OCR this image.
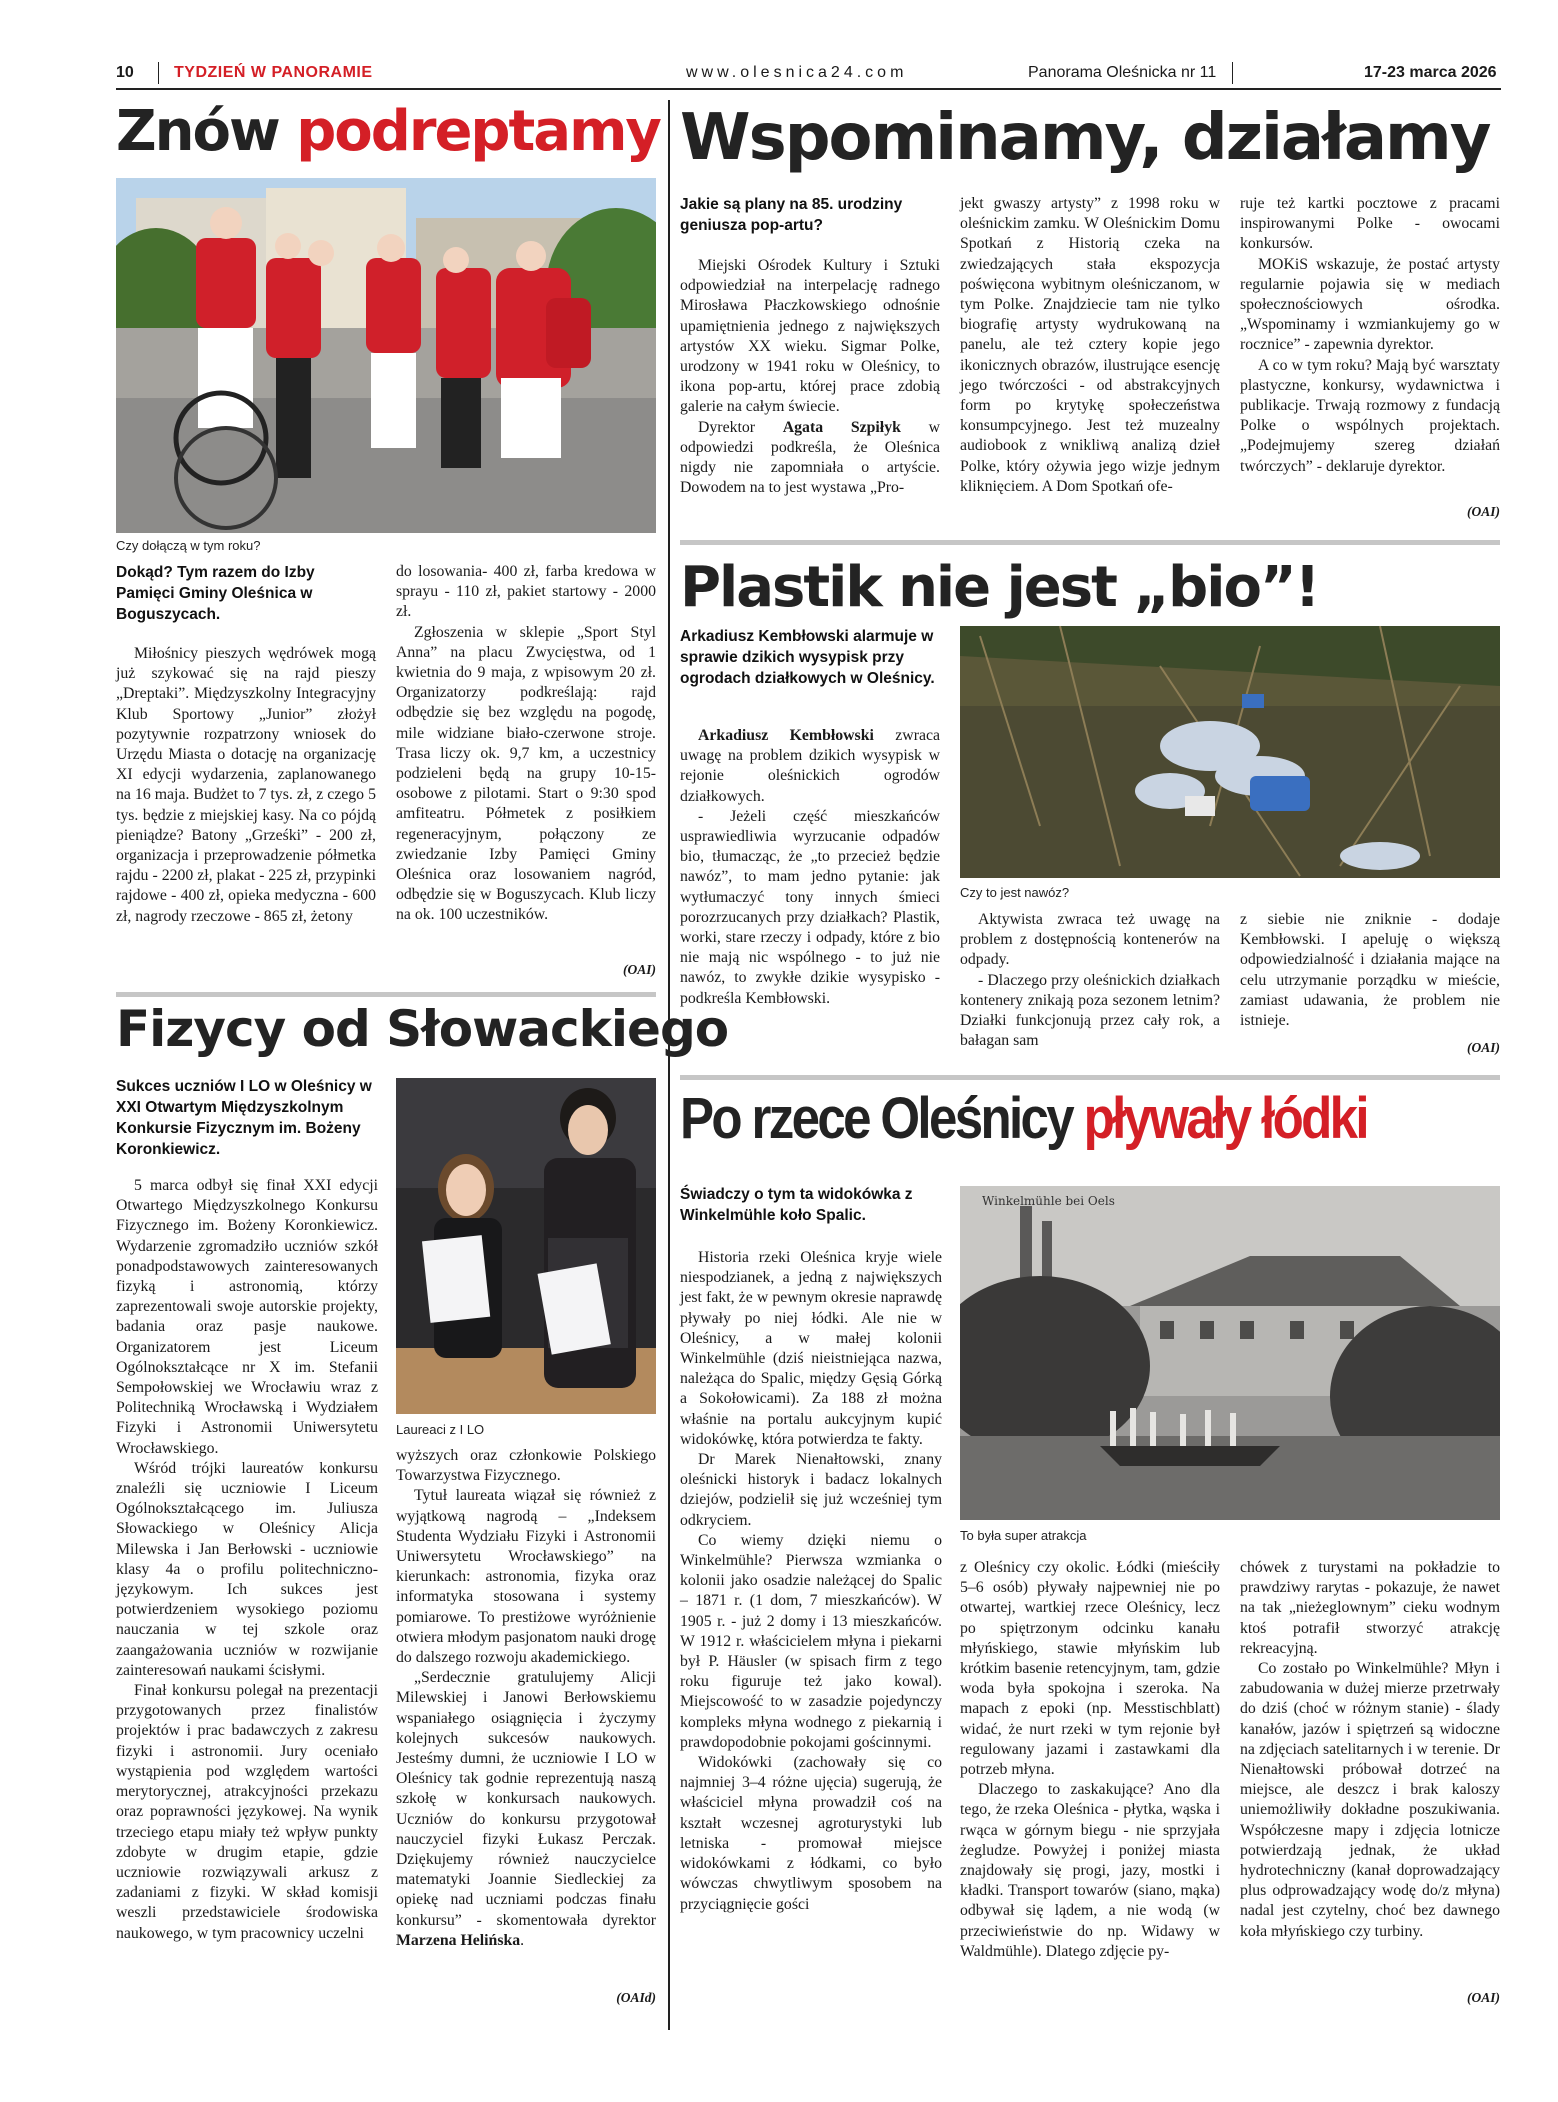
10	TYDZIEŃ W PANORAMIE	www.olesnica24.com	Panorama Oleśnicka nr 11	17-23 marca 2026
Znów podreptamy
Czy dołączą w tym roku?
Dokąd? Tym razem do Izby Pamięci Gminy Oleśnica w Boguszycach.

Miłośnicy pieszych wędrówek mogą już szykować się na rajd pieszy „Dreptaki”. Międzyszkolny Integracyjny Klub Sportowy „Junior” złożył pozytywnie rozpatrzony wniosek do Urzędu Miasta o dotację na organizację XI edycji wydarzenia, zaplanowanego na 16 maja. Budżet to 7 tys. zł, z czego 5 tys. będzie z miejskiej kasy. Na co pójdą pieniądze? Batony „Grześki” - 200 zł, organizacja i przeprowadzenie półmetka rajdu - 2200 zł, plakat - 225 zł, przypinki rajdowe - 400 zł, opieka medyczna - 600 zł, nagrody rzeczowe - 865 zł, żetony

do losowania- 400 zł, farba kredowa w sprayu - 110 zł, pakiet startowy - 2000 zł.

Zgłoszenia w sklepie „Sport Styl Anna” na placu Zwycięstwa, od 1 kwietnia do 9 maja, z wpisowym 20 zł. Organizatorzy podkreślają: rajd odbędzie się bez względu na pogodę, mile widziane biało-czerwone stroje. Trasa liczy ok. 9,7 km, a uczestnicy podzieleni będą na grupy 10-15-osobowe z pilotami. Start o 9:30 spod amfiteatru. Półmetek z posiłkiem regeneracyjnym, połączony ze zwiedzanie Izby Pamięci Gminy Oleśnica oraz losowaniem nagród, odbędzie się w Boguszycach. Klub liczy na ok. 100 uczestników.

(OAI)
Wspominamy, działamy
Jakie są plany na 85. urodziny geniusza pop-artu?

Miejski Ośrodek Kultury i Sztuki odpowiedział na interpelację radnego Mirosława Płaczkowskiego odnośnie upamiętnienia jednego z największych artystów XX wieku. Sigmar Polke, urodzony w 1941 roku w Oleśnicy, to ikona pop-artu, której prace zdobią galerie na całym świecie.

Dyrektor Agata Szpiłyk w odpowiedzi podkreśla, że Oleśnica nigdy nie zapomniała o artyście. Dowodem na to jest wystawa „Pro-

jekt gwaszy artysty” z 1998 roku w oleśnickim zamku. W Oleśnickim Domu Spotkań z Historią czeka na zwiedzających stała ekspozycja poświęcona wybitnym oleśniczanom, w tym Polke. Znajdziecie tam nie tylko biografię artysty wydrukowaną na panelu, ale też cztery kopie jego ikonicznych obrazów, ilustrujące esencję jego twórczości - od abstrakcyjnych form po krytykę społeczeństwa konsumpcyjnego. Jest też muzealny audiobook z wnikliwą analizą dzieł Polke, który ożywia jego wizje jednym kliknięciem. A Dom Spotkań ofe-

ruje też kartki pocztowe z pracami inspirowanymi Polke - owocami konkursów.

MOKiS wskazuje, że postać artysty regularnie pojawia się w mediach społecznościowych ośrodka. „Wspominamy i wzmiankujemy go w rocznice” - zapewnia dyrektor.

A co w tym roku? Mają być warsztaty plastyczne, konkursy, wydawnictwa i publikacje. Trwają rozmowy z fundacją Polke o wspólnych projektach. „Podejmujemy szereg działań twórczych” - deklaruje dyrektor.

(OAI)
Plastik nie jest „bio”!
Arkadiusz Kembłowski alarmuje w sprawie dzikich wysypisk przy ogrodach działkowych w Oleśnicy.
Czy to jest nawóz?

Arkadiusz Kembłowski zwraca uwagę na problem dzikich wysypisk w rejonie oleśnickich ogrodów działkowych.

- Jeżeli część mieszkańców usprawiedliwia wyrzucanie odpadów bio, tłumacząc, że „to przecież będzie nawóz”, to mam jedno pytanie: jak wytłumaczyć tony innych śmieci porozrzucanych przy działkach? Plastik, worki, stare rzeczy i odpady, które z bio nie mają nic wspólnego - to już nie nawóz, to zwykłe dzikie wysypisko - podkreśla Kembłowski.

Aktywista zwraca też uwagę na problem z dostępnością kontenerów na odpady.

- Dlaczego przy oleśnickich działkach kontenery znikają poza sezonem letnim? Działki funkcjonują przez cały rok, a bałagan sam

z siebie nie zniknie - dodaje Kembłowski. I apeluję o większą odpowiedzialność i działania mające na celu utrzymanie porządku w mieście, zamiast udawania, że problem nie istnieje.

(OAI)
Fizycy od Słowackiego
Sukces uczniów I LO w Oleśnicy w XXI Otwartym Międzyszkolnym Konkursie Fizycznym im. Bożeny Koronkiewicz.
Laureaci z I LO

5 marca odbył się finał XXI edycji Otwartego Międzyszkolnego Konkursu Fizycznego im. Bożeny Koronkiewicz. Wydarzenie zgromadziło uczniów szkół ponadpodstawowych zainteresowanych fizyką i astronomią, którzy zaprezentowali swoje autorskie projekty, badania oraz pasje naukowe. Organizatorem jest Liceum Ogólnokształcące nr X im. Stefanii Sempołowskiej we Wrocławiu wraz z Politechniką Wrocławską i Wydziałem Fizyki i Astronomii Uniwersytetu Wrocławskiego.

Wśród trójki laureatów konkursu znaleźli się uczniowie I Liceum Ogólnokształcącego im. Juliusza Słowackiego w Oleśnicy Alicja Milewska i Jan Berłowski - uczniowie klasy 4a o profilu politechniczno-językowym. Ich sukces jest potwierdzeniem wysokiego poziomu nauczania w tej szkole oraz zaangażowania uczniów w rozwijanie zainteresowań naukami ścisłymi.

Finał konkursu polegał na prezentacji przygotowanych przez finalistów projektów i prac badawczych z zakresu fizyki i astronomii. Jury oceniało wystąpienia pod względem wartości merytorycznej, atrakcyjności przekazu oraz poprawności językowej. Na wynik trzeciego etapu miały też wpływ punkty zdobyte w drugim etapie, gdzie uczniowie rozwiązywali arkusz z zadaniami z fizyki. W skład komisji weszli przedstawiciele środowiska naukowego, w tym pracownicy uczelni

wyższych oraz członkowie Polskiego Towarzystwa Fizycznego.

Tytuł laureata wiązał się również z wyjątkową nagrodą – „Indeksem Studenta Wydziału Fizyki i Astronomii Uniwersytetu Wrocławskiego” na kierunkach: astronomia, fizyka oraz informatyka stosowana i systemy pomiarowe. To prestiżowe wyróżnienie otwiera młodym pasjonatom nauki drogę do dalszego rozwoju akademickiego.

„Serdecznie gratulujemy Alicji Milewskiej i Janowi Berłowskiemu wspaniałego osiągnięcia i życzymy kolejnych sukcesów naukowych. Jesteśmy dumni, że uczniowie I LO w Oleśnicy tak godnie reprezentują naszą szkołę w konkursach naukowych. Uczniów do konkursu przygotował nauczyciel fizyki Łukasz Perczak. Dziękujemy również nauczycielce matematyki Joannie Siedleckiej za opiekę nad uczniami podczas finału konkursu” - skomentowała dyrektor Marzena Helińska.

(OAId)
Po rzece Oleśnicy pływały łódki
Świadczy o tym ta widokówka z Winkelmühle koło Spalic.
Winkelmühle bei Oels
To była super atrakcja

Historia rzeki Oleśnica kryje wiele niespodzianek, a jedną z największych jest fakt, że w pewnym okresie naprawdę pływały po niej łódki. Ale nie w Oleśnicy, a w małej kolonii Winkelmühle (dziś nieistniejąca nazwa, należąca do Spalic, między Gęsią Górką a Sokołowicami). Za 188 zł można właśnie na portalu aukcyjnym kupić widokówkę, która potwierdza te fakty.

Dr Marek Nienałtowski, znany oleśnicki historyk i badacz lokalnych dziejów, podzielił się już wcześniej tym odkryciem.

Co wiemy dzięki niemu o Winkelmühle? Pierwsza wzmianka o kolonii jako osadzie należącej do Spalic – 1871 r. (1 dom, 7 mieszkańców). W 1905 r. - już 2 domy i 13 mieszkańców. W 1912 r. właścicielem młyna i piekarni był P. Häusler (w spisach firm z tego roku figuruje też jako kowal). Miejscowość to w zasadzie pojedynczy kompleks młyna wodnego z piekarnią i prawdopodobnie pokojami gościnnymi.

Widokówki (zachowały się co najmniej 3–4 różne ujęcia) sugerują, że właściciel młyna prowadził coś na kształt wczesnej agroturystyki lub letniska - promował miejsce widokówkami z łódkami, co było wówczas chwytliwym sposobem na przyciągnięcie gości

z Oleśnicy czy okolic. Łódki (mieściły 5–6 osób) pływały najpewniej nie po otwartej, wartkiej rzece Oleśnicy, lecz po spiętrzonym odcinku kanału młyńskiego, stawie młyńskim lub krótkim basenie retencyjnym, tam, gdzie woda była spokojna i szeroka. Na mapach z epoki (np. Messtischblatt) widać, że nurt rzeki w tym rejonie był regulowany jazami i zastawkami dla potrzeb młyna.

Dlaczego to zaskakujące? Ano dla tego, że rzeka Oleśnica - płytka, wąska i rwąca w górnym biegu - nie sprzyjała żegludze. Powyżej i poniżej miasta znajdowały się progi, jazy, mostki i kładki. Transport towarów (siano, mąka) odbywał się lądem, a nie wodą (w przeciwieństwie do np. Widawy w Waldmühle). Dlatego zdjęcie py-

chówek z turystami na pokładzie to prawdziwy rarytas - pokazuje, że nawet na tak „nieżeglownym” cieku wodnym ktoś potrafił stworzyć atrakcję rekreacyjną.

Co zostało po Winkelmühle? Młyn i zabudowania w dużej mierze przetrwały do dziś (choć w różnym stanie) - ślady kanałów, jazów i spiętrzeń są widoczne na zdjęciach satelitarnych i w terenie. Dr Nienałtowski próbował dotrzeć na miejsce, ale deszcz i brak kaloszy uniemożliwiły dokładne poszukiwania. Współczesne mapy i zdjęcia lotnicze potwierdzają jednak, że układ hydrotechniczny (kanał doprowadzający plus odprowadzający wodę do/z młyna) nadal jest czytelny, choć bez dawnego koła młyńskiego czy turbiny.

(OAI)
